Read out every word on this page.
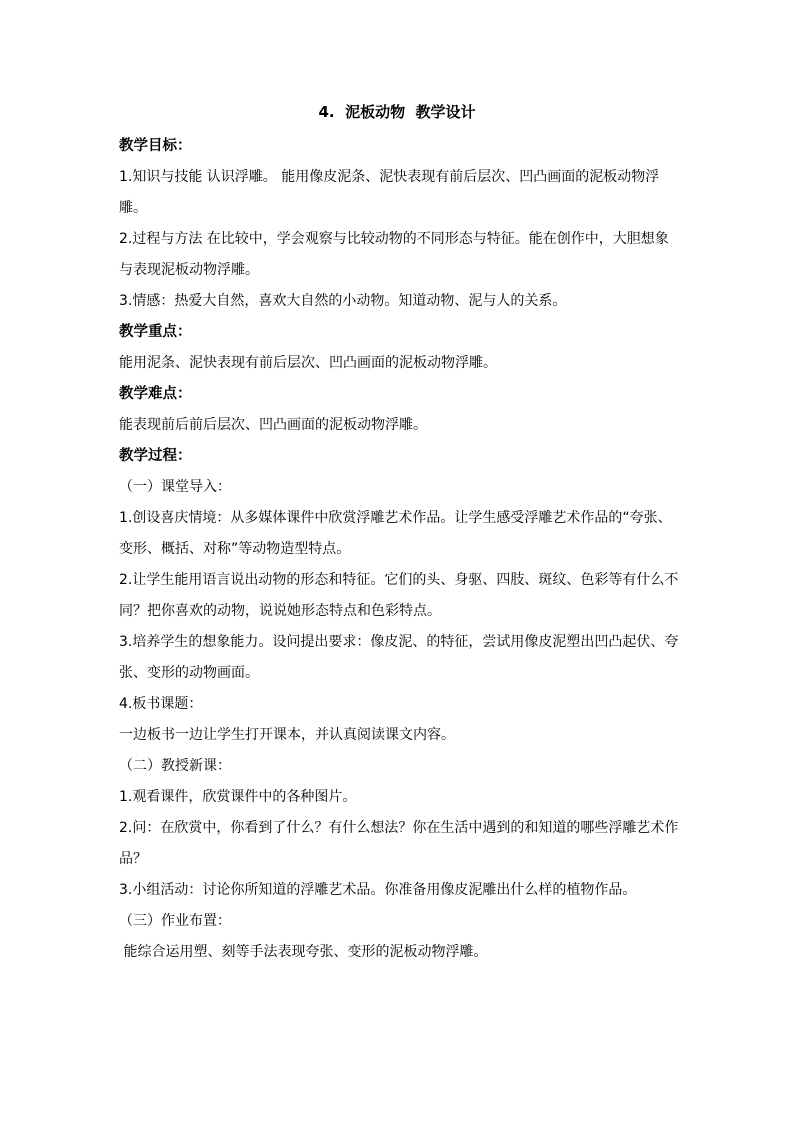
4.  泥板动物  教学设计

教学目标：

1.知识与技能 认识浮雕。 能用像皮泥条、泥快表现有前后层次、凹凸画面的泥板动物浮雕。

2.过程与方法 在比较中，学会观察与比较动物的不同形态与特征。能在创作中，大胆想象与表现泥板动物浮雕。

3.情感：热爱大自然，喜欢大自然的小动物。知道动物、泥与人的关系。

教学重点：

能用泥条、泥快表现有前后层次、凹凸画面的泥板动物浮雕。

教学难点：

能表现前后前后层次、凹凸画面的泥板动物浮雕。

教学过程：

（一）课堂导入：

1.创设喜庆情境：从多媒体课件中欣赏浮雕艺术作品。让学生感受浮雕艺术作品的“夸张、变形、概括、对称”等动物造型特点。

2.让学生能用语言说出动物的形态和特征。它们的头、身驱、四肢、斑纹、色彩等有什么不同？把你喜欢的动物，说说她形态特点和色彩特点。

3.培养学生的想象能力。设问提出要求：像皮泥、的特征，尝试用像皮泥塑出凹凸起伏、夸张、变形的动物画面。

4.板书课题：

一边板书一边让学生打开课本，并认真阅读课文内容。

（二）教授新课：

1.观看课件，欣赏课件中的各种图片。

2.问：在欣赏中，你看到了什么？有什么想法？你在生活中遇到的和知道的哪些浮雕艺术作品？

3.小组活动：讨论你所知道的浮雕艺术品。你准备用像皮泥雕出什么样的植物作品。

（三）作业布置：

能综合运用塑、刻等手法表现夸张、变形的泥板动物浮雕。
